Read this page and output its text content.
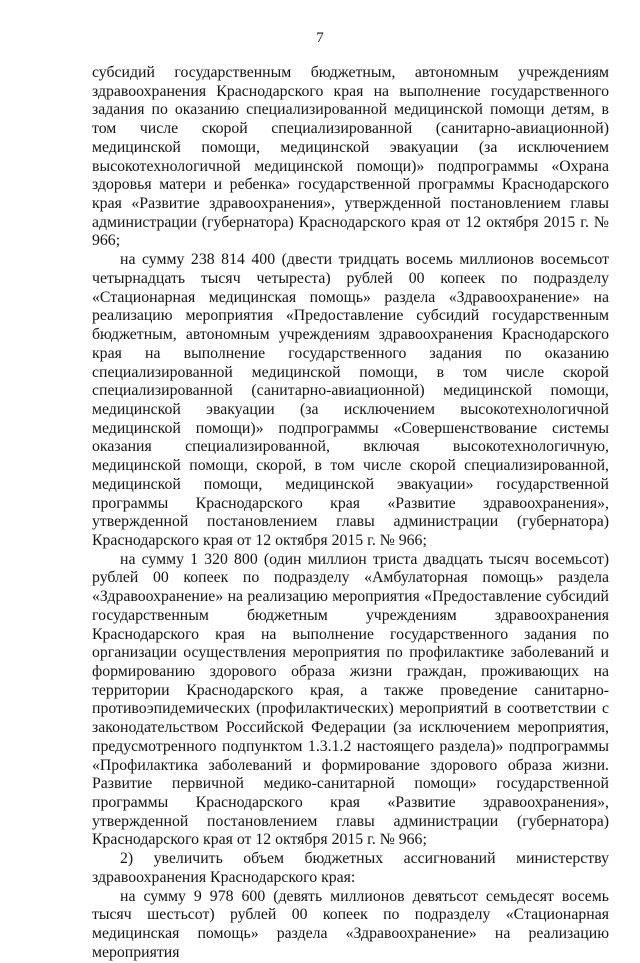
7

субсидий государственным бюджетным, автономным учреждениям здравоохранения Краснодарского края на выполнение государственного задания по оказанию специализированной медицинской помощи детям, в том числе скорой специализированной (санитарно-авиационной) медицинской помощи, медицинской эвакуации (за исключением высокотехнологичной медицинской помощи)» подпрограммы «Охрана здоровья матери и ребенка» государственной программы Краснодарского края «Развитие здравоохранения», утвержденной постановлением главы администрации (губернатора) Краснодарского края от 12 октября 2015 г. № 966;

на сумму 238 814 400 (двести тридцать восемь миллионов восемьсот четырнадцать тысяч четыреста) рублей 00 копеек по подразделу «Стационарная медицинская помощь» раздела «Здравоохранение» на реализацию мероприятия «Предоставление субсидий государственным бюджетным, автономным учреждениям здравоохранения Краснодарского края на выполнение государственного задания по оказанию специализированной медицинской помощи, в том числе скорой специализированной (санитарно-авиационной) медицинской помощи, медицинской эвакуации (за исключением высокотехнологичной медицинской помощи)» подпрограммы «Совершенствование системы оказания специализированной, включая высокотехнологичную, медицинской помощи, скорой, в том числе скорой специализированной, медицинской помощи, медицинской эвакуации» государственной программы Краснодарского края «Развитие здравоохранения», утвержденной постановлением главы администрации (губернатора) Краснодарского края от 12 октября 2015 г. № 966;

на сумму 1 320 800 (один миллион триста двадцать тысяч восемьсот) рублей 00 копеек по подразделу «Амбулаторная помощь» раздела «Здравоохранение» на реализацию мероприятия «Предоставление субсидий государственным бюджетным учреждениям здравоохранения Краснодарского края на выполнение государственного задания по организации осуществления мероприятия по профилактике заболеваний и формированию здорового образа жизни граждан, проживающих на территории Краснодарского края, а также проведение санитарно-противоэпидемических (профилактических) мероприятий в соответствии с законодательством Российской Федерации (за исключением мероприятия, предусмотренного подпунктом 1.3.1.2 настоящего раздела)» подпрограммы «Профилактика заболеваний и формирование здорового образа жизни. Развитие первичной медико-санитарной помощи» государственной программы Краснодарского края «Развитие здравоохранения», утвержденной постановлением главы администрации (губернатора) Краснодарского края от 12 октября 2015 г. № 966;

2) увеличить объем бюджетных ассигнований министерству здравоохранения Краснодарского края:

на сумму 9 978 600 (девять миллионов девятьсот семьдесят восемь тысяч шестьсот) рублей 00 копеек по подразделу «Стационарная медицинская помощь» раздела «Здравоохранение» на реализацию мероприятия
